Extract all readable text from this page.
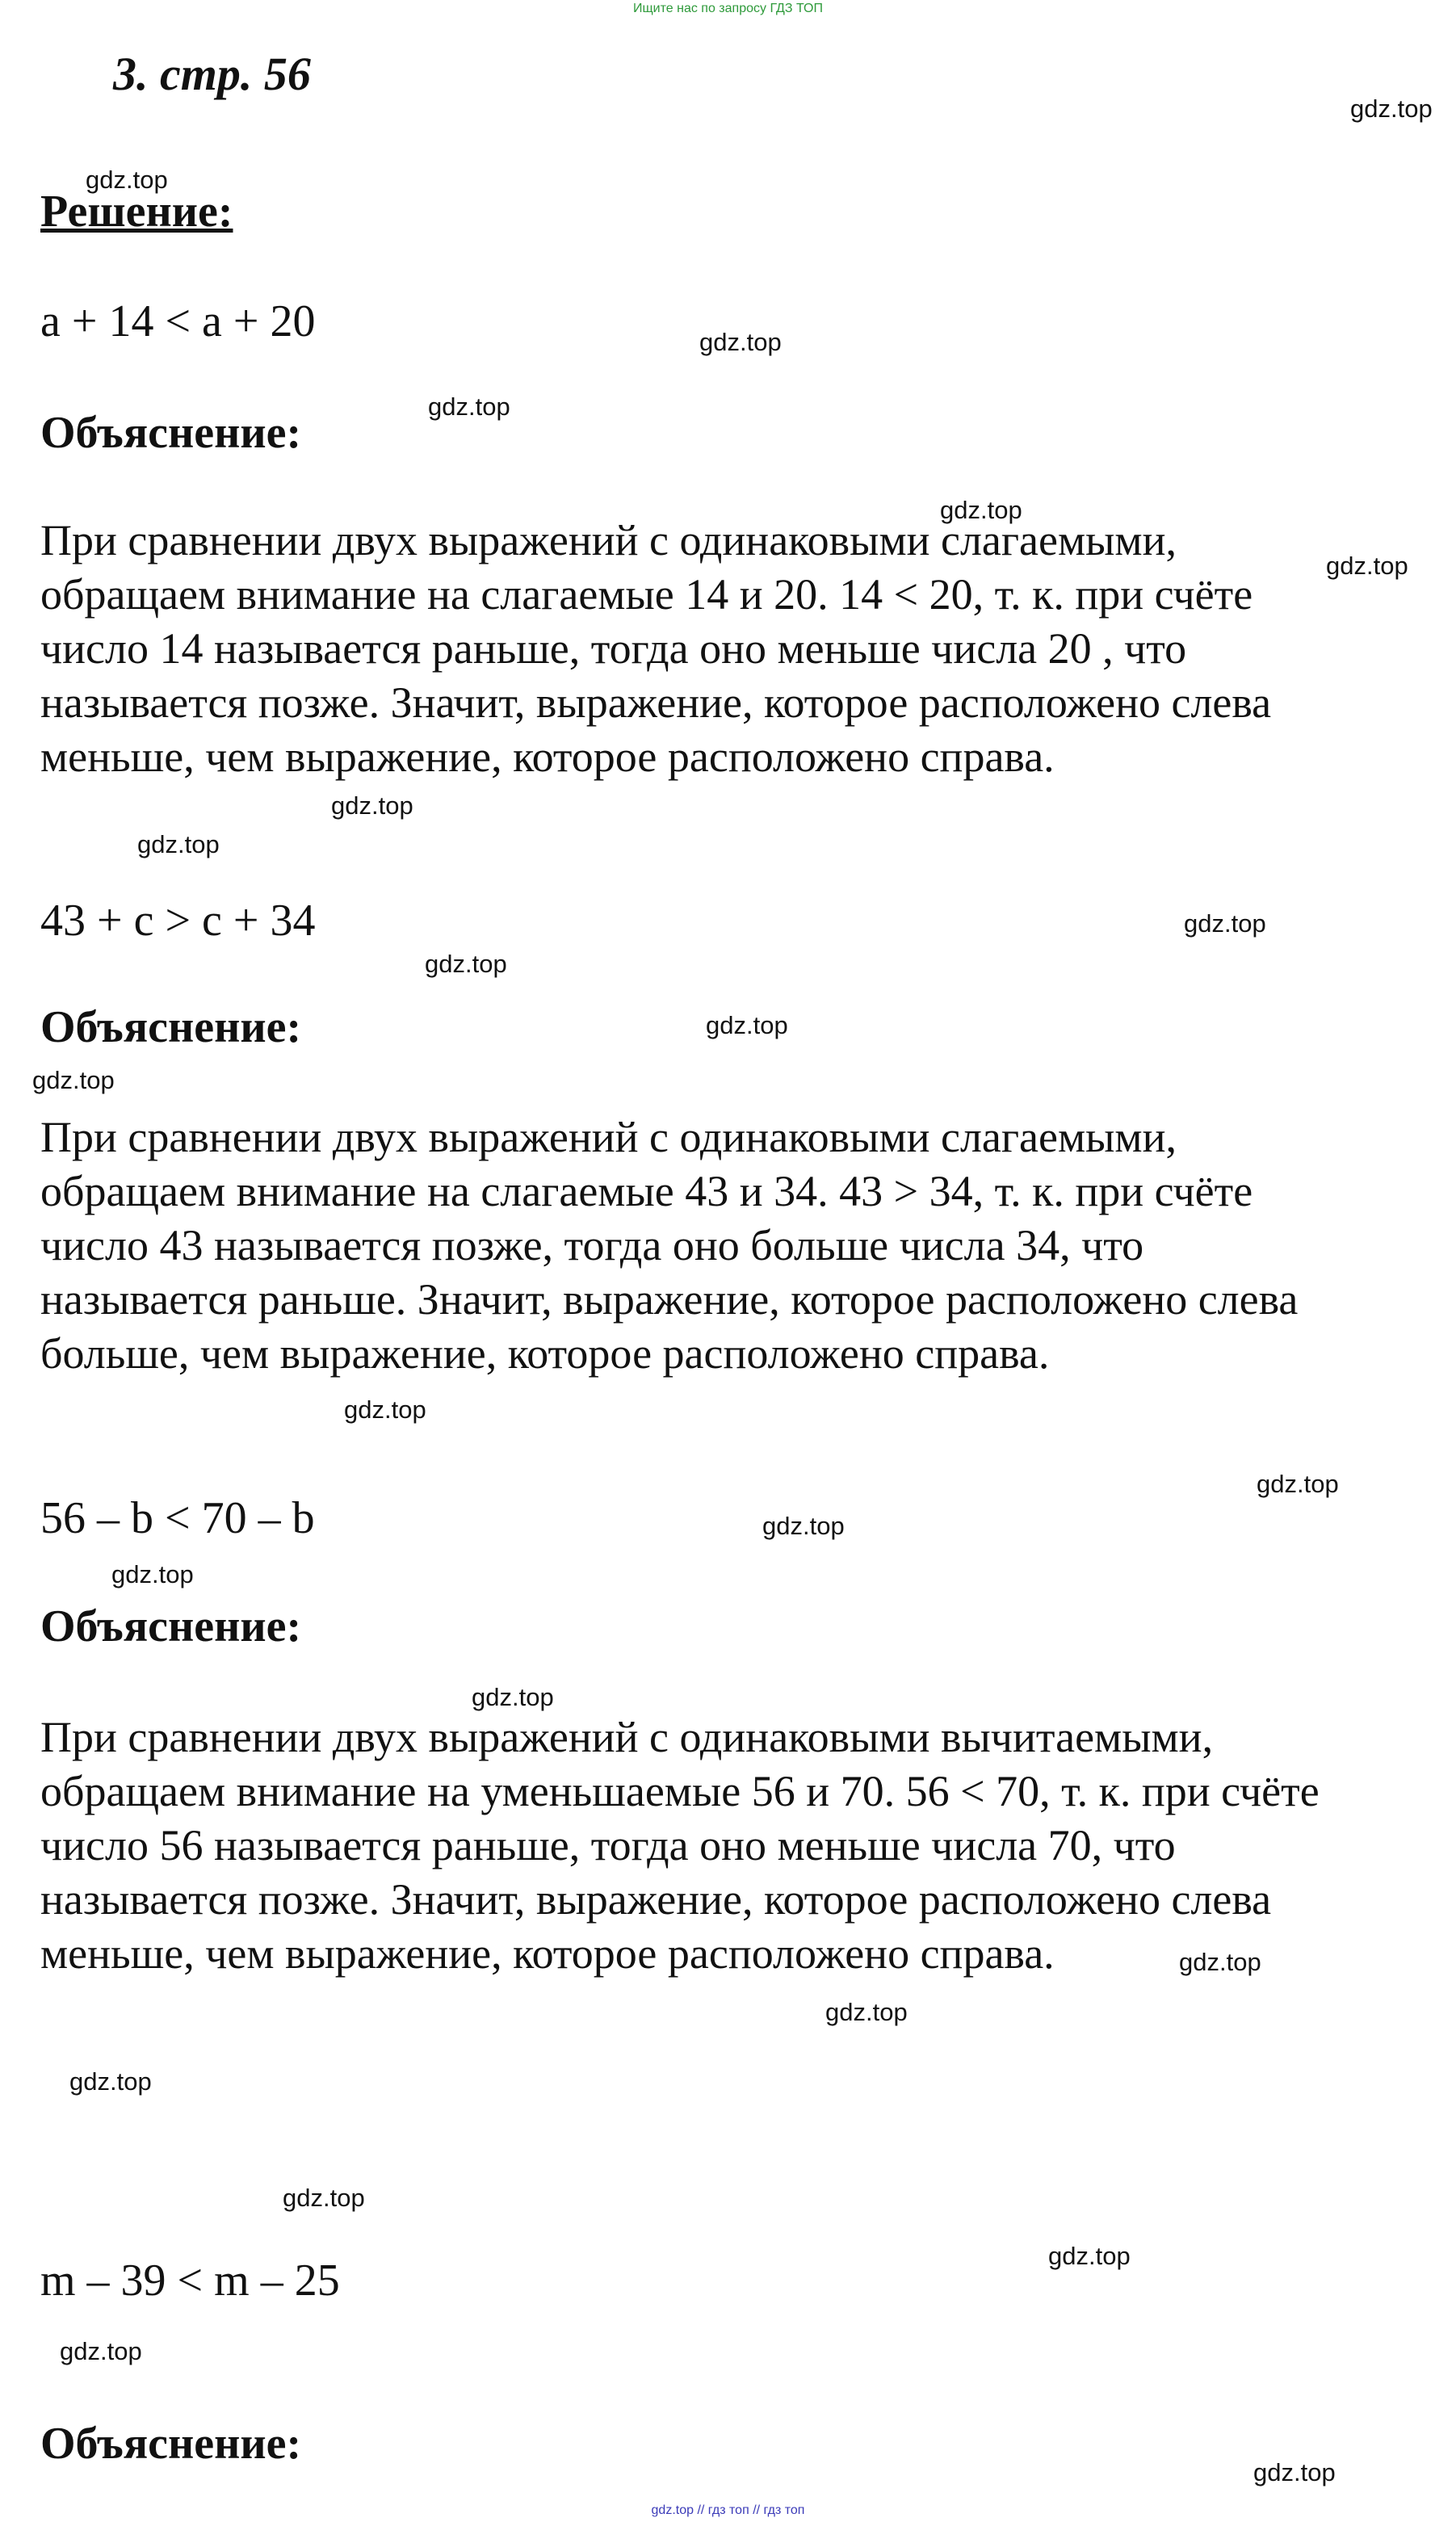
Ищите нас по запросу ГДЗ ТОП
3. стр. 56
Решение:
a + 14 < a + 20
Объяснение:

При сравнении двух выражений с одинаковыми слагаемыми,
обращаем внимание на слагаемые 14 и 20. 14 < 20, т. к. при счёте
число 14 называется раньше, тогда оно меньше числа 20 , что
называется позже. Значит, выражение, которое расположено слева
меньше, чем выражение, которое расположено справа.

43 + c > c + 34
Объяснение:

При сравнении двух выражений с одинаковыми слагаемыми,
обращаем внимание на слагаемые 43 и 34. 43 > 34, т. к. при счёте
число 43 называется позже, тогда оно больше числа 34, что
называется раньше. Значит, выражение, которое расположено слева
больше, чем выражение, которое расположено справа.

56 – b < 70 – b
Объяснение:

При сравнении двух выражений с одинаковыми вычитаемыми,
обращаем внимание на уменьшаемые 56 и 70. 56 < 70, т. к. при счёте
число 56 называется раньше, тогда оно меньше числа 70, что
называется позже. Значит, выражение, которое расположено слева
меньше, чем выражение, которое расположено справа.

m – 39 < m – 25
Объяснение:
gdz.top
gdz.top
gdz.top
gdz.top
gdz.top
gdz.top
gdz.top
gdz.top
gdz.top
gdz.top
gdz.top
gdz.top
gdz.top
gdz.top
gdz.top
gdz.top
gdz.top
gdz.top
gdz.top
gdz.top
gdz.top
gdz.top
gdz.top
gdz.top
gdz.top // гдз топ // гдз топ
